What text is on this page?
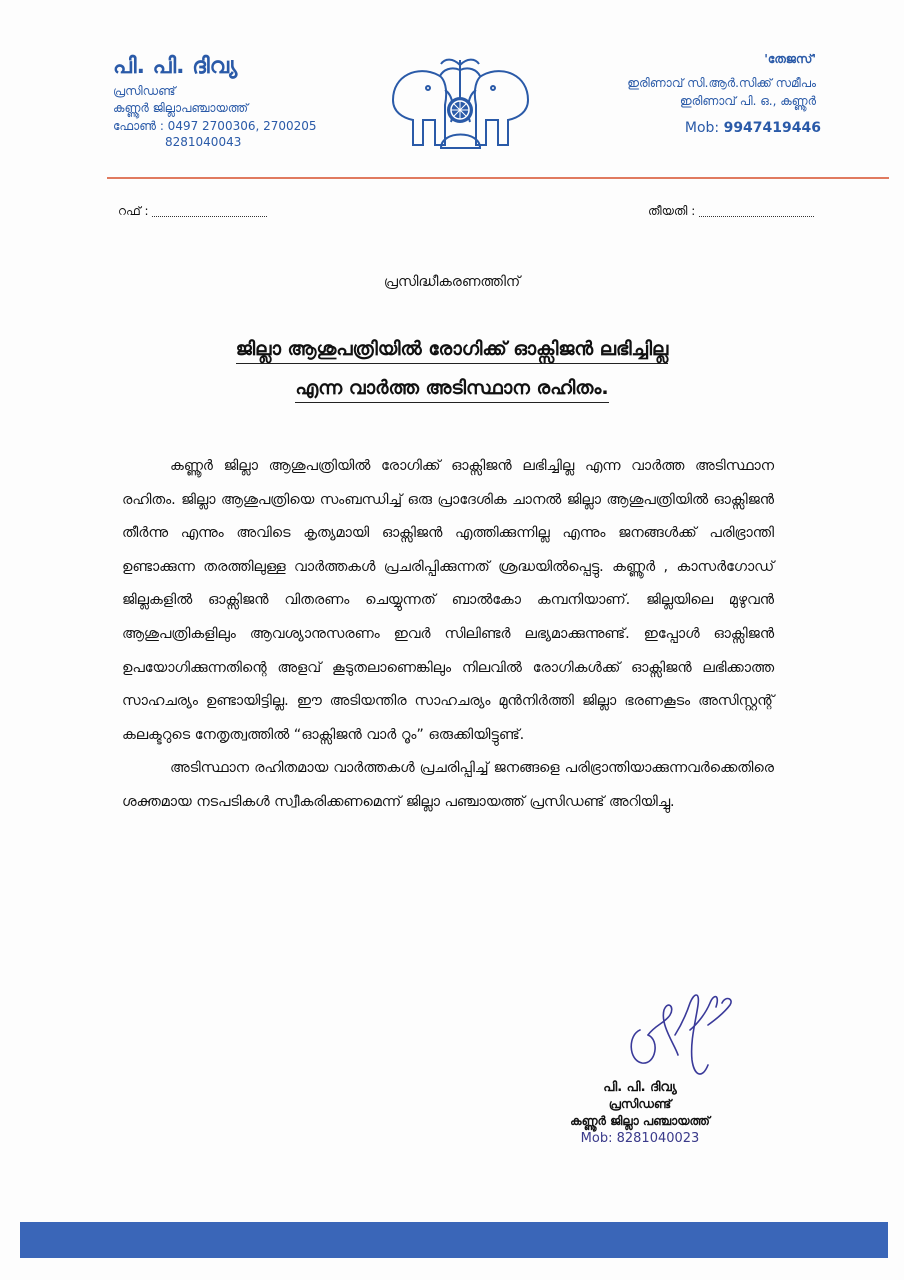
പി. പി. ദിവ്യ
പ്രസിഡണ്ട്
കണ്ണൂർ ജില്ലാപഞ്ചായത്ത്
ഫോൺ : 0497 2700306, 2700205
8281040043
'തേജസ്'
ഇരിണാവ് സി.ആർ.സിക്ക് സമീപം
ഇരിണാവ് പി. ഒ., കണ്ണൂർ
Mob: 9947419446
റഫ് :	തീയതി :
പ്രസിദ്ധീകരണത്തിന്
ജില്ലാ ആശുപത്രിയിൽ രോഗിക്ക് ഓക്സിജൻ ലഭിച്ചില്ല
എന്ന വാർത്ത അടിസ്ഥാന രഹിതം.

കണ്ണൂർ ജില്ലാ ആശുപത്രിയിൽ രോഗിക്ക് ഓക്സിജൻ ലഭിച്ചില്ല എന്ന വാർത്ത അടിസ്ഥാന രഹിതം. ജില്ലാ ആശുപത്രിയെ സംബന്ധിച്ച് ഒരു പ്രാദേശിക ചാനൽ ജില്ലാ ആശുപത്രിയിൽ ഓക്സിജൻ തീർന്നു എന്നും അവിടെ കൃത്യമായി ഓക്സിജൻ എത്തിക്കുന്നില്ല എന്നും ജനങ്ങൾക്ക് പരിഭ്രാന്തി ഉണ്ടാക്കുന്ന തരത്തിലുള്ള വാർത്തകൾ പ്രചരിപ്പിക്കുന്നത് ശ്രദ്ധയിൽപ്പെട്ടു. കണ്ണൂർ , കാസർഗോഡ് ജില്ലകളിൽ ഓക്സിജൻ വിതരണം ചെയ്യുന്നത് ബാൽകോ കമ്പനിയാണ്. ജില്ലയിലെ മുഴുവൻ ആശുപത്രികളിലും ആവശ്യാനുസരണം ഇവർ സിലിണ്ടർ ലഭ്യമാക്കുന്നുണ്ട്. ഇപ്പോൾ ഓക്സിജൻ ഉപയോഗിക്കുന്നതിന്റെ അളവ് കൂടുതലാണെങ്കിലും നിലവിൽ രോഗികൾക്ക് ഓക്സിജൻ ലഭിക്കാത്ത സാഹചര്യം ഉണ്ടായിട്ടില്ല. ഈ അടിയന്തിര സാഹചര്യം മുൻനിർത്തി ജില്ലാ ഭരണകൂടം അസിസ്റ്റന്റ് കലക്ടറുടെ നേതൃത്വത്തിൽ “ഓക്സിജൻ വാർ റൂം” ഒരുക്കിയിട്ടുണ്ട്.

അടിസ്ഥാന രഹിതമായ വാർത്തകൾ പ്രചരിപ്പിച്ച് ജനങ്ങളെ പരിഭ്രാന്തിയാക്കുന്നവർക്കെതിരെ ശക്തമായ നടപടികൾ സ്വീകരിക്കണമെന്ന് ജില്ലാ പഞ്ചായത്ത് പ്രസിഡണ്ട് അറിയിച്ചു.

പി. പി. ദിവ്യ
പ്രസിഡണ്ട്
കണ്ണൂർ ജില്ലാ പഞ്ചായത്ത്
Mob: 8281040023
